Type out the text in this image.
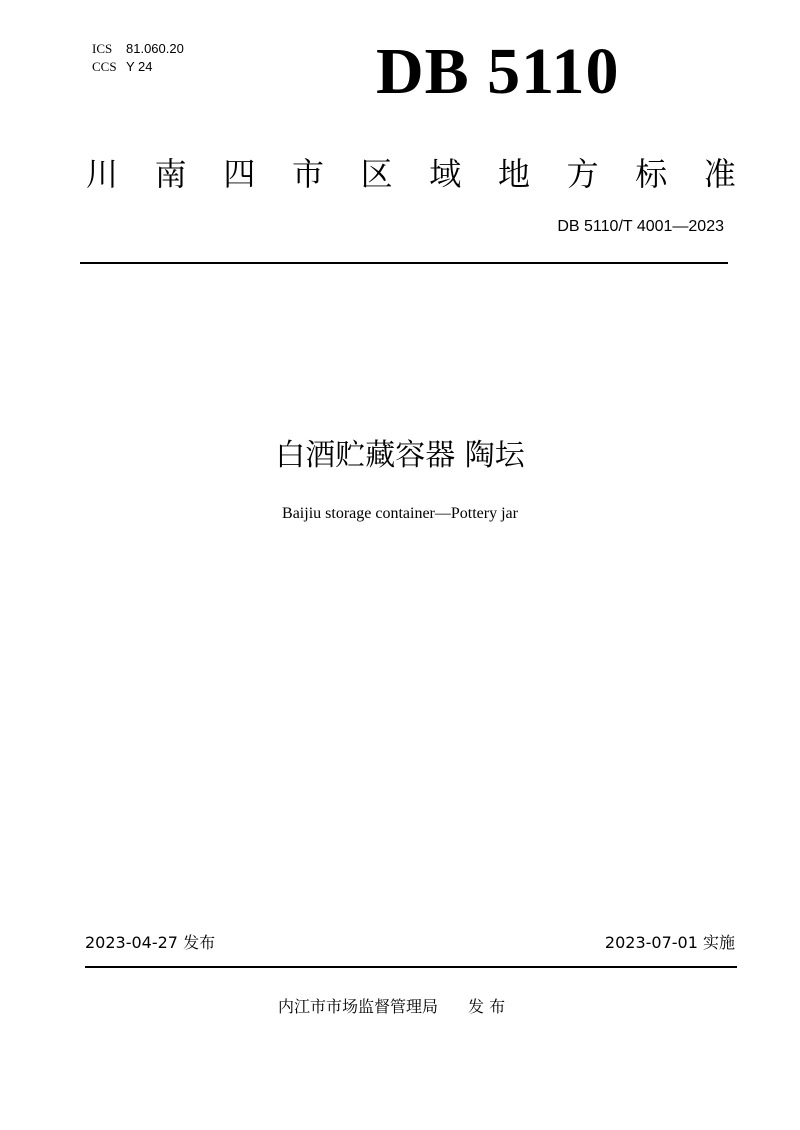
ICS	81.060.20
CCS Y 24	DB 5110
川 南 四 市 区 域 地 方 标 准
DB 5110/T 4001—2023
白酒贮藏容器 陶坛
Baijiu storage container—Pottery jar
2023-04-27 发布	2023-07-01 实施
内江市市场监督管理局 发 布
